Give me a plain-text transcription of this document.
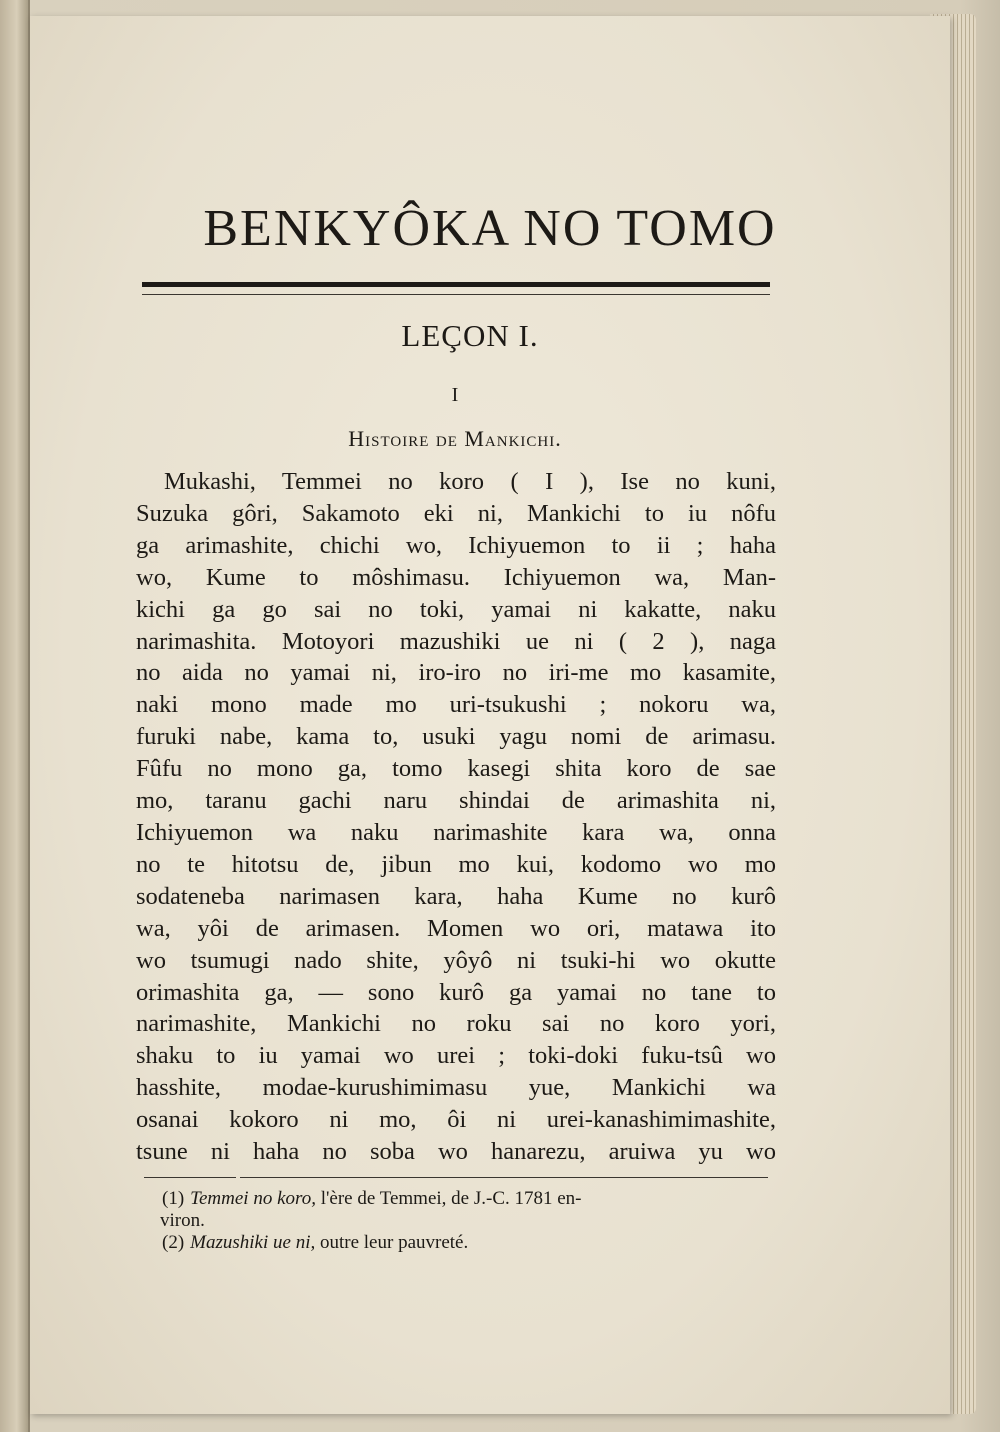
BENKYÔKA NO TOMO
LEÇON I.
I
Histoire de Mankichi.
Mukashi, Temmei no koro ( I ), Ise no kuni,
Suzuka gôri, Sakamoto eki ni, Mankichi to iu nôfu
ga arimashite, chichi wo, Ichiyuemon to ii ; haha
wo, Kume to môshimasu. Ichiyuemon wa, Man-
kichi ga go sai no toki, yamai ni kakatte, naku
narimashita. Motoyori mazushiki ue ni ( 2 ), naga
no aida no yamai ni, iro-iro no iri-me mo kasamite,
naki mono made mo uri-tsukushi ; nokoru wa,
furuki nabe, kama to, usuki yagu nomi de arimasu.
Fûfu no mono ga, tomo kasegi shita koro de sae
mo, taranu gachi naru shindai de arimashita ni,
Ichiyuemon wa naku narimashite kara wa, onna
no te hitotsu de, jibun mo kui, kodomo wo mo
sodateneba narimasen kara, haha Kume no kurô
wa, yôi de arimasen. Momen wo ori, matawa ito
wo tsumugi nado shite, yôyô ni tsuki-hi wo okutte
orimashita ga, — sono kurô ga yamai no tane to
narimashite, Mankichi no roku sai no koro yori,
shaku to iu yamai wo urei ; toki-doki fuku-tsû wo
hasshite, modae-kurushimimasu yue, Mankichi wa
osanai kokoro ni mo, ôi ni urei-kanashimimashite,
tsune ni haha no soba wo hanarezu, aruiwa yu wo
(1) Temmei no koro, l'ère de Temmei, de J.-C. 1781 en-
viron.
(2) Mazushiki ue ni, outre leur pauvreté.
